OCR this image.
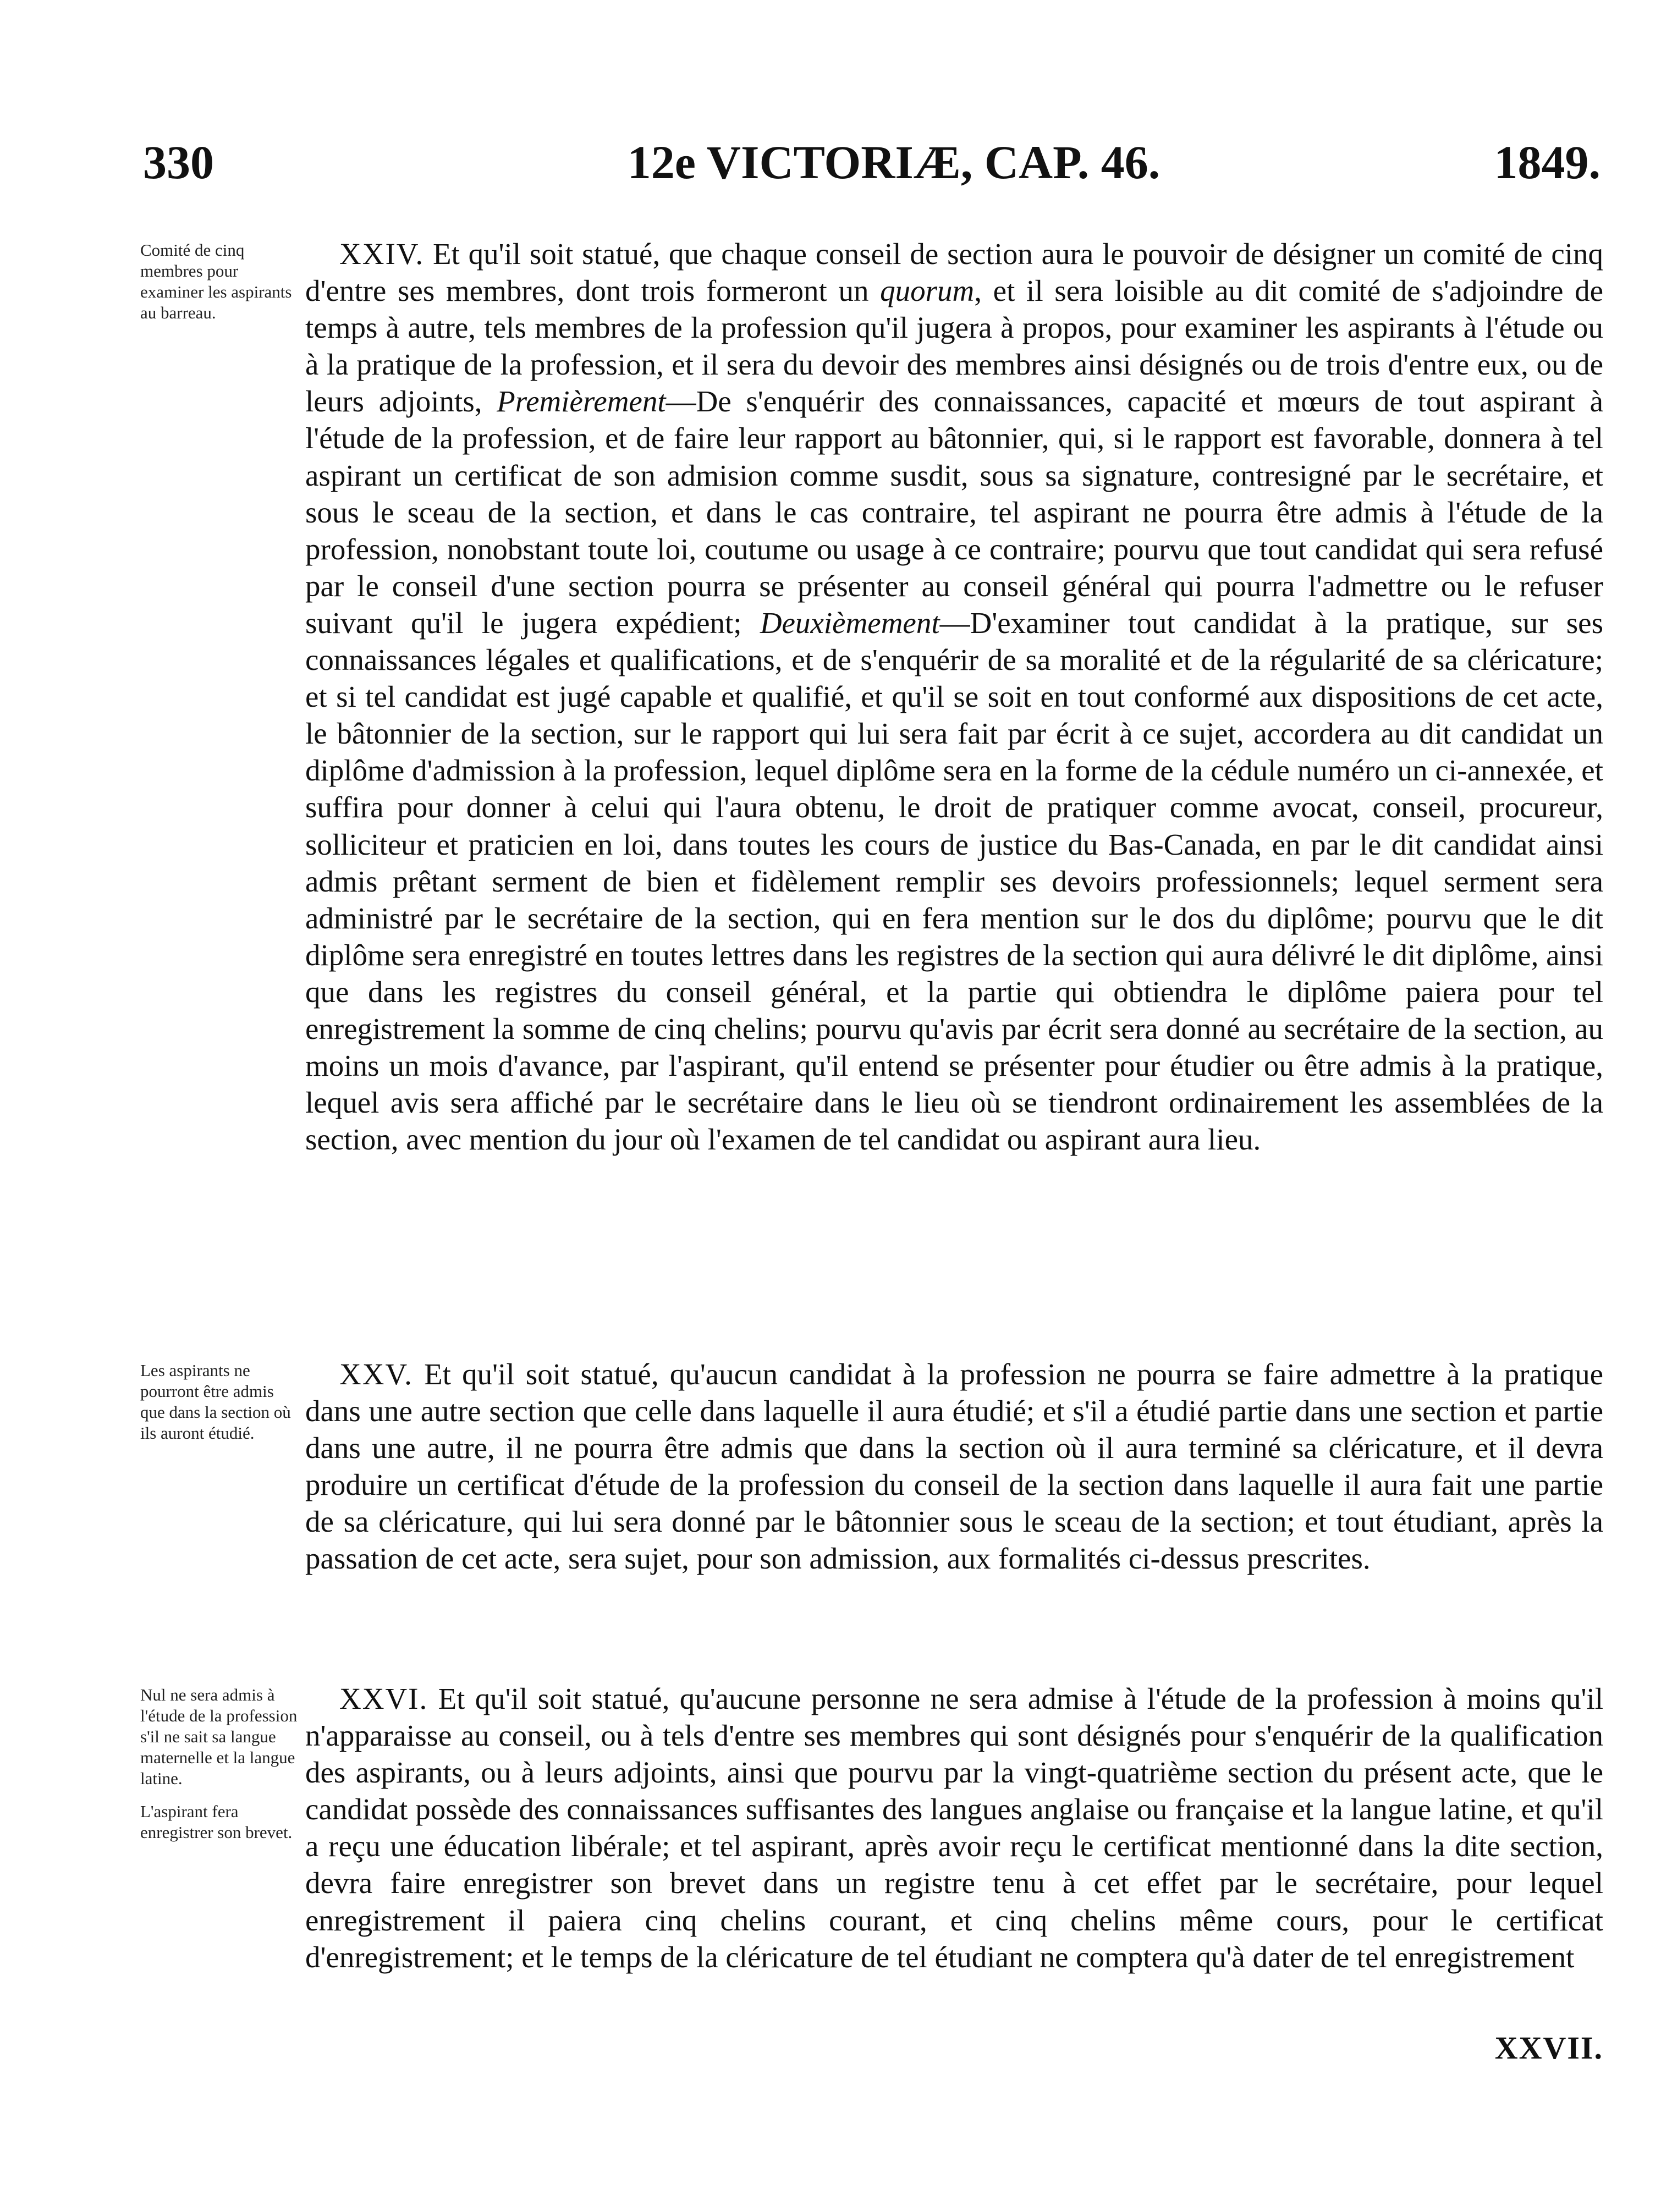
330	12e VICTORIÆ, CAP. 46.	1849.
Comité de cinq membres pour examiner les aspirants au barreau.
XXIV. Et qu'il soit statué, que chaque conseil de section aura le pouvoir de désigner un comité de cinq d'entre ses membres, dont trois formeront un quorum, et il sera loisible au dit comité de s'adjoindre de temps à autre, tels membres de la profession qu'il jugera à propos, pour examiner les aspirants à l'étude ou à la pratique de la profession, et il sera du devoir des membres ainsi désignés ou de trois d'entre eux, ou de leurs adjoints, Premièrement—De s'enquérir des connaissances, capacité et mœurs de tout aspirant à l'étude de la profession, et de faire leur rapport au bâtonnier, qui, si le rapport est favorable, donnera à tel aspirant un certificat de son admision comme susdit, sous sa signature, contresigné par le secrétaire, et sous le sceau de la section, et dans le cas contraire, tel aspirant ne pourra être admis à l'étude de la profession, nonobstant toute loi, coutume ou usage à ce contraire; pourvu que tout candidat qui sera refusé par le conseil d'une section pourra se présenter au conseil général qui pourra l'admettre ou le refuser suivant qu'il le jugera expédient; Deuxièmement—D'examiner tout candidat à la pratique, sur ses connaissances légales et qualifications, et de s'enquérir de sa moralité et de la régularité de sa cléricature; et si tel candidat est jugé capable et qualifié, et qu'il se soit en tout conformé aux dispositions de cet acte, le bâtonnier de la section, sur le rapport qui lui sera fait par écrit à ce sujet, accordera au dit candidat un diplôme d'admission à la profession, lequel diplôme sera en la forme de la cédule numéro un ci-annexée, et suffira pour donner à celui qui l'aura obtenu, le droit de pratiquer comme avocat, conseil, procureur, solliciteur et praticien en loi, dans toutes les cours de justice du Bas-Canada, en par le dit candidat ainsi admis prêtant serment de bien et fidèlement remplir ses devoirs professionnels; lequel serment sera administré par le secrétaire de la section, qui en fera mention sur le dos du diplôme; pourvu que le dit diplôme sera enregistré en toutes lettres dans les registres de la section qui aura délivré le dit diplôme, ainsi que dans les registres du conseil général, et la partie qui obtiendra le diplôme paiera pour tel enregistrement la somme de cinq chelins; pourvu qu'avis par écrit sera donné au secrétaire de la section, au moins un mois d'avance, par l'aspirant, qu'il entend se présenter pour étudier ou être admis à la pratique, lequel avis sera affiché par le secrétaire dans le lieu où se tiendront ordinairement les assemblées de la section, avec mention du jour où l'examen de tel candidat ou aspirant aura lieu.
Les aspirants ne pourront être admis que dans la section où ils auront étudié.
XXV. Et qu'il soit statué, qu'aucun candidat à la profession ne pourra se faire admettre à la pratique dans une autre section que celle dans laquelle il aura étudié; et s'il a étudié partie dans une section et partie dans une autre, il ne pourra être admis que dans la section où il aura terminé sa cléricature, et il devra produire un certificat d'étude de la profession du conseil de la section dans laquelle il aura fait une partie de sa cléricature, qui lui sera donné par le bâtonnier sous le sceau de la section; et tout étudiant, après la passation de cet acte, sera sujet, pour son admission, aux formalités ci-dessus prescrites.
Nul ne sera admis à l'étude de la profession s'il ne sait sa langue maternelle et la langue latine.
L'aspirant fera enregistrer son brevet.
XXVI. Et qu'il soit statué, qu'aucune personne ne sera admise à l'étude de la profession à moins qu'il n'apparaisse au conseil, ou à tels d'entre ses membres qui sont désignés pour s'enquérir de la qualification des aspirants, ou à leurs adjoints, ainsi que pourvu par la vingt-quatrième section du présent acte, que le candidat possède des connaissances suffisantes des langues anglaise ou française et la langue latine, et qu'il a reçu une éducation libérale; et tel aspirant, après avoir reçu le certificat mentionné dans la dite section, devra faire enregistrer son brevet dans un registre tenu à cet effet par le secrétaire, pour lequel enregistrement il paiera cinq chelins courant, et cinq chelins même cours, pour le certificat d'enregistrement; et le temps de la cléricature de tel étudiant ne comptera qu'à dater de tel enregistrement
XXVII.
